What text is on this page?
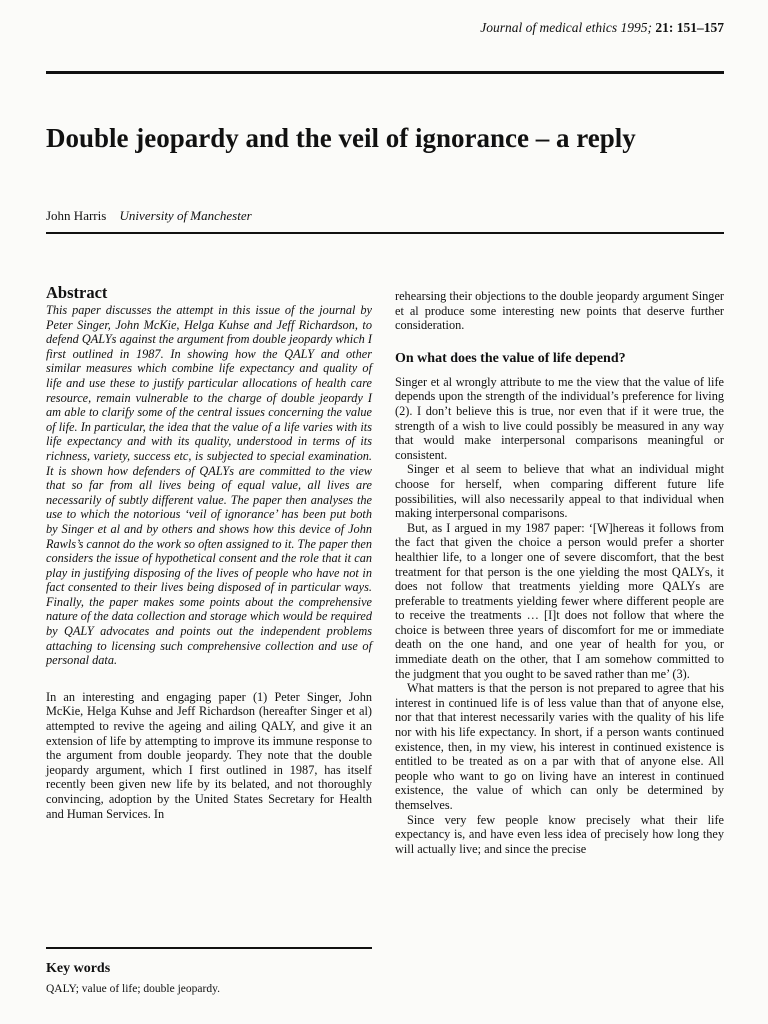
Journal of medical ethics 1995; 21: 151–157
Double jeopardy and the veil of ignorance – a reply
John Harris University of Manchester
Abstract

This paper discusses the attempt in this issue of the journal by Peter Singer, John McKie, Helga Kuhse and Jeff Richardson, to defend QALYs against the argument from double jeopardy which I first outlined in 1987. In showing how the QALY and other similar measures which combine life expectancy and quality of life and use these to justify particular allocations of health care resource, remain vulnerable to the charge of double jeopardy I am able to clarify some of the central issues concerning the value of life. In particular, the idea that the value of a life varies with its life expectancy and with its quality, understood in terms of its richness, variety, success etc, is subjected to special examination. It is shown how defenders of QALYs are committed to the view that so far from all lives being of equal value, all lives are necessarily of subtly different value. The paper then analyses the use to which the notorious ‘veil of ignorance’ has been put both by Singer et al and by others and shows how this device of John Rawls’s cannot do the work so often assigned to it. The paper then considers the issue of hypothetical consent and the role that it can play in justifying disposing of the lives of people who have not in fact consented to their lives being disposed of in particular ways. Finally, the paper makes some points about the comprehensive nature of the data collection and storage which would be required by QALY advocates and points out the independent problems attaching to licensing such comprehensive collection and use of personal data.

In an interesting and engaging paper (1) Peter Singer, John McKie, Helga Kuhse and Jeff Richardson (hereafter Singer et al) attempted to revive the ageing and ailing QALY, and give it an extension of life by attempting to improve its immune response to the argument from double jeopardy. They note that the double jeopardy argument, which I first outlined in 1987, has itself recently been given new life by its belated, and not thoroughly convincing, adoption by the United States Secretary for Health and Human Services. In

Key words

QALY; value of life; double jeopardy.

rehearsing their objections to the double jeopardy argument Singer et al produce some interesting new points that deserve further consideration.

On what does the value of life depend?

Singer et al wrongly attribute to me the view that the value of life depends upon the strength of the individual’s preference for living (2). I don’t believe this is true, nor even that if it were true, the strength of a wish to live could possibly be measured in any way that would make interpersonal comparisons meaningful or consistent.

Singer et al seem to believe that what an individual might choose for herself, when comparing different future life possibilities, will also necessarily appeal to that individual when making interpersonal comparisons.

But, as I argued in my 1987 paper: ‘[W]hereas it follows from the fact that given the choice a person would prefer a shorter healthier life, to a longer one of severe discomfort, that the best treatment for that person is the one yielding the most QALYs, it does not follow that treatments yielding more QALYs are preferable to treatments yielding fewer where different people are to receive the treatments … [I]t does not follow that where the choice is between three years of discomfort for me or immediate death on the one hand, and one year of health for you, or immediate death on the other, that I am somehow committed to the judgment that you ought to be saved rather than me’ (3).

What matters is that the person is not prepared to agree that his interest in continued life is of less value than that of anyone else, nor that that interest necessarily varies with the quality of his life nor with his life expectancy. In short, if a person wants continued existence, then, in my view, his interest in continued existence is entitled to be treated as on a par with that of anyone else. All people who want to go on living have an interest in continued existence, the value of which can only be determined by themselves.

Since very few people know precisely what their life expectancy is, and have even less idea of precisely how long they will actually live; and since the precise
